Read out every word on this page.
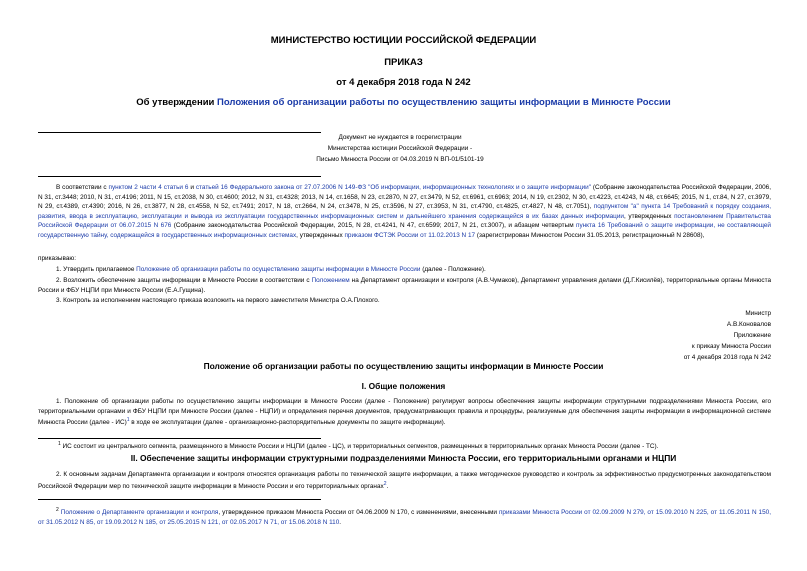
МИНИСТЕРСТВО ЮСТИЦИИ РОССИЙСКОЙ ФЕДЕРАЦИИ
ПРИКАЗ
от 4 декабря 2018 года N 242
Об утверждении Положения об организации работы по осуществлению защиты информации в Минюсте России
Документ не нуждается в госрегистрации
Министерства юстиции Российской Федерации -
Письмо Минюста России от 04.03.2019 N ВП-01/5101-19
В соответствии с пунктом 2 части 4 статьи 6 и статьей 16 Федерального закона от 27.07.2006 N 149-ФЗ "Об информации, информационных технологиях и о защите информации" (Собрание законодательства Российской Федерации, 2006, N 31, ст.3448; 2010, N 31, ст.4196; 2011, N 15, ст.2038, N 30, ст.4600; 2012, N 31, ст.4328; 2013, N 14, ст.1658, N 23, ст.2870, N 27, ст.3479, N 52, ст.6961, ст.6963; 2014, N 19, ст.2302, N 30, ст.4223, ст.4243, N 48, ст.6645; 2015, N 1, ст.84, N 27, ст.3979, N 29, ст.4389, ст.4390; 2016, N 26, ст.3877, N 28, ст.4558, N 52, ст.7491; 2017, N 18, ст.2664, N 24, ст.3478, N 25, ст.3596, N 27, ст.3953, N 31, ст.4790, ст.4825, ст.4827, N 48, ст.7051), подпунктом "а" пункта 14 Требований к порядку создания, развития, ввода в эксплуатацию, эксплуатации и вывода из эксплуатации государственных информационных систем и дальнейшего хранения содержащейся в их базах данных информации, утвержденных постановлением Правительства Российской Федерации от 06.07.2015 N 676 (Собрание законодательства Российской Федерации, 2015, N 28, ст.4241, N 47, ст.6599; 2017, N 21, ст.3007), и абзацем четвертым пункта 16 Требований о защите информации, не составляющей государственную тайну, содержащейся в государственных информационных системах, утвержденных приказом ФСТЭК России от 11.02.2013 N 17 (зарегистрирован Минюстом России 31.05.2013, регистрационный N 28608),
приказываю:
1. Утвердить прилагаемое Положение об организации работы по осуществлению защиты информации в Минюсте России (далее - Положение).
2. Возложить обеспечение защиты информации в Минюсте России в соответствии с Положением на Департамент организации и контроля (А.В.Чумаков), Департамент управления делами (Д.Г.Кисилёв), территориальные органы Минюста России и ФБУ НЦПИ при Минюсте России (Е.А.Гущина).
3. Контроль за исполнением настоящего приказа возложить на первого заместителя Министра О.А.Плохого.
Министр
А.В.Коновалов
Приложение
к приказу Минюста России
от 4 декабря 2018 года N 242
Положение об организации работы по осуществлению защиты информации в Минюсте России
I. Общие положения
1. Положение об организации работы по осуществлению защиты информации в Минюсте России (далее - Положение) регулирует вопросы обеспечения защиты информации структурными подразделениями Минюста России, его территориальными органами и ФБУ НЦПИ при Минюсте России (далее - НЦПИ) и определения перечня документов, предусматривающих правила и процедуры, реализуемые для обеспечения защиты информации в информационной системе Минюста России (далее - ИС)$^1$ в ходе ее эксплуатации (далее - организационно-распорядительные документы по защите информации).
$^1$ ИС состоит из центрального сегмента, размещенного в Минюсте России и НЦПИ (далее - ЦС), и территориальных сегментов, размещенных в территориальных органах Минюста России (далее - ТС).
II. Обеспечение защиты информации структурными подразделениями Минюста России, его территориальными органами и НЦПИ
2. К основным задачам Департамента организации и контроля относятся организация работы по технической защите информации, а также методическое руководство и контроль за эффективностью предусмотренных законодательством Российской Федерации мер по технической защите информации в Минюсте России и его территориальных органах$^2$.
$^2$ Положение о Департаменте организации и контроля, утвержденное приказом Минюста России от 04.06.2009 N 170, с изменениями, внесенными приказами Минюста России от 02.09.2009 N 279, от 15.09.2010 N 225, от 11.05.2011 N 150, от 31.05.2012 N 85, от 19.09.2012 N 185, от 25.05.2015 N 121, от 02.05.2017 N 71, от 15.06.2018 N 110.
